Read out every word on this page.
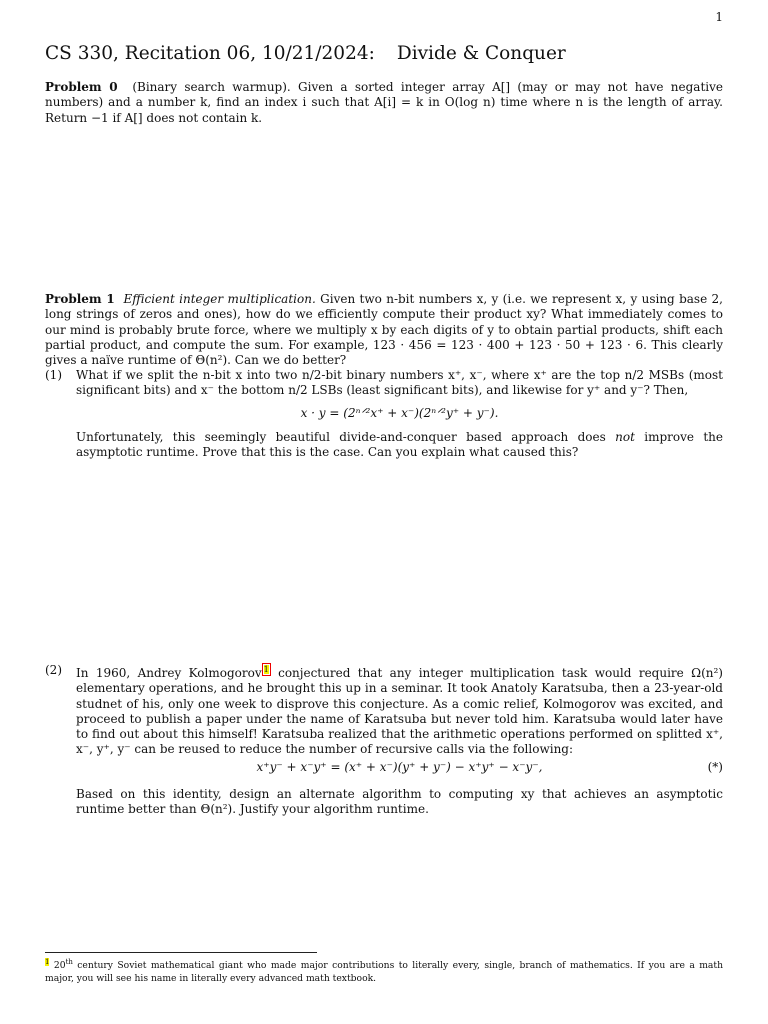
1
CS 330, Recitation 06, 10/21/2024: Divide & Conquer
Problem 0 (Binary search warmup). Given a sorted integer array A[] (may or may not have negative numbers) and a number k, find an index i such that A[i] = k in O(log n) time where n is the length of array. Return −1 if A[] does not contain k.
Problem 1 Efficient integer multiplication. Given two n-bit numbers x, y (i.e. we represent x, y using base 2, long strings of zeros and ones), how do we efficiently compute their product xy? What immediately comes to our mind is probably brute force, where we multiply x by each digits of y to obtain partial products, shift each partial product, and compute the sum. For example, 123 · 456 = 123 · 400 + 123 · 50 + 123 · 6. This clearly gives a naïve runtime of Θ(n²). Can we do better?
(1) What if we split the n-bit x into two n/2-bit binary numbers x⁺, x⁻, where x⁺ are the top n/2 MSBs (most significant bits) and x⁻ the bottom n/2 LSBs (least significant bits), and likewise for y⁺ and y⁻? Then,
x · y = (2ⁿᐟ²x⁺ + x⁻)(2ⁿᐟ²y⁺ + y⁻).
Unfortunately, this seemingly beautiful divide-and-conquer based approach does not improve the asymptotic runtime. Prove that this is the case. Can you explain what caused this?
(2) In 1960, Andrey Kolmogorov 1 conjectured that any integer multiplication task would require Ω(n²) elementary operations, and he brought this up in a seminar. It took Anatoly Karatsuba, then a 23-year-old studnet of his, only one week to disprove this conjecture. As a comic relief, Kolmogorov was excited, and proceed to publish a paper under the name of Karatsuba but never told him. Karatsuba would later have to find out about this himself! Karatsuba realized that the arithmetic operations performed on splitted x⁺, x⁻, y⁺, y⁻ can be reused to reduce the number of recursive calls via the following:
x⁺y⁻ + x⁻y⁺ = (x⁺ + x⁻)(y⁺ + y⁻) − x⁺y⁺ − x⁻y⁻,	(*)
Based on this identity, design an alternate algorithm to computing xy that achieves an asymptotic runtime better than Θ(n²). Justify your algorithm runtime.
$^1$ 20th century Soviet mathematical giant who made major contributions to literally every, single, branch of mathematics. If you are a math major, you will see his name in literally every advanced math textbook.
